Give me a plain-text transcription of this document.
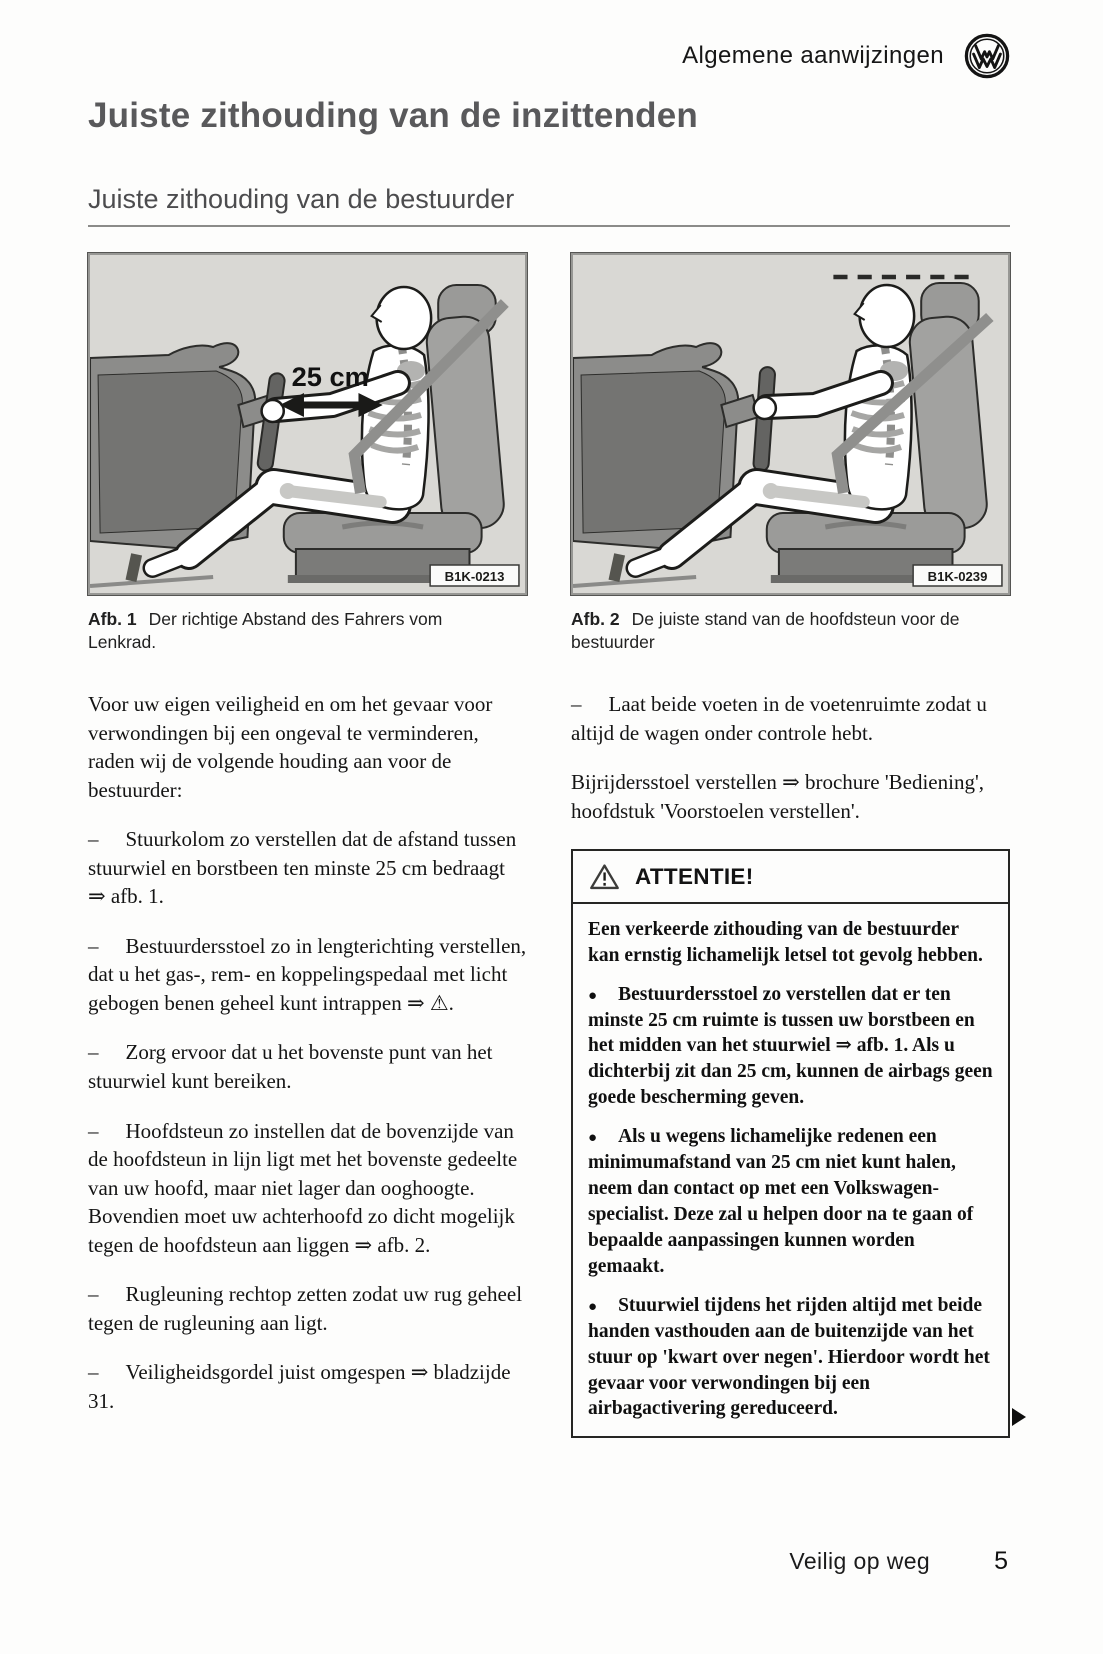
Algemene aanwijzingen
Juiste zithouding van de inzittenden
Juiste zithouding van de bestuurder
25 cm
B1K-0213
Afb. 1 Der richtige Abstand des Fahrers vom Lenkrad.
B1K-0239
Afb. 2 De juiste stand van de hoofdsteun voor de bestuurder

Voor uw eigen veiligheid en om het gevaar voor verwondingen bij een ongeval te verminderen, raden wij de volgende houding aan voor de bestuurder:

– Stuurkolom zo verstellen dat de afstand tussen stuurwiel en borstbeen ten minste 25 cm bedraagt ⇒ afb. 1.

– Bestuurdersstoel zo in lengterichting verstellen, dat u het gas-, rem- en koppelingspedaal met licht gebogen benen geheel kunt intrappen ⇒ ⚠.

– Zorg ervoor dat u het bovenste punt van het stuurwiel kunt bereiken.

– Hoofdsteun zo instellen dat de bovenzijde van de hoofdsteun in lijn ligt met het bovenste gedeelte van uw hoofd, maar niet lager dan ooghoogte. Bovendien moet uw achterhoofd zo dicht mogelijk tegen de hoofdsteun aan liggen ⇒ afb. 2.

– Rugleuning rechtop zetten zodat uw rug geheel tegen de rugleuning aan ligt.

– Veiligheidsgordel juist omgespen ⇒ bladzijde 31.

– Laat beide voeten in de voetenruimte zodat u altijd de wagen onder controle hebt.

Bijrijdersstoel verstellen ⇒ brochure 'Bediening', hoofdstuk 'Voorstoelen verstellen'.

ATTENTIE!

Een verkeerde zithouding van de bestuurder kan ernstig lichamelijk letsel tot gevolg hebben.

● Bestuurdersstoel zo verstellen dat er ten minste 25 cm ruimte is tussen uw borstbeen en het midden van het stuurwiel ⇒ afb. 1. Als u dichterbij zit dan 25 cm, kunnen de airbags geen goede bescherming geven.

● Als u wegens lichamelijke redenen een minimumafstand van 25 cm niet kunt halen, neem dan contact op met een Volkswagen-specialist. Deze zal u helpen door na te gaan of bepaalde aanpassingen kunnen worden gemaakt.

● Stuurwiel tijdens het rijden altijd met beide handen vasthouden aan de buitenzijde van het stuur op 'kwart over negen'. Hierdoor wordt het gevaar voor verwondingen bij een airbagactivering gereduceerd.

Veilig op weg	5
